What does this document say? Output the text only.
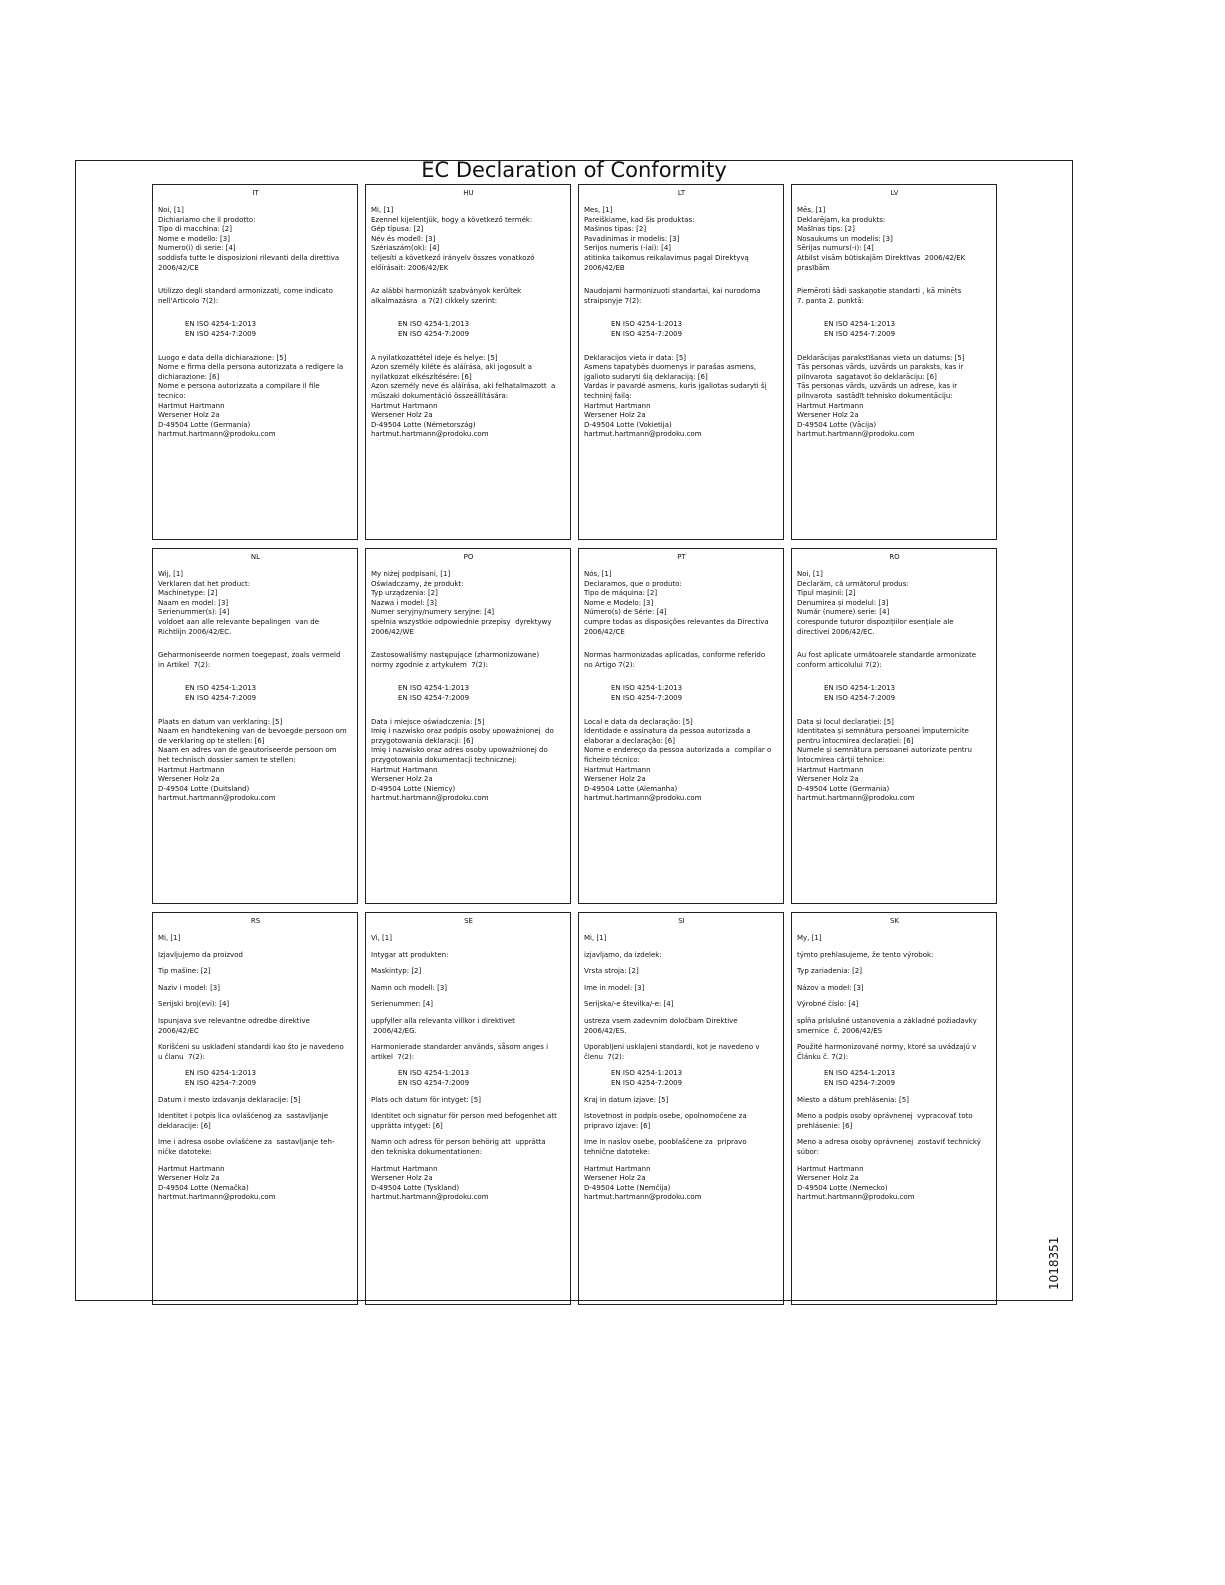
EC Declaration of Conformity
IT

Noi, [1]

Dichiariamo che il prodotto:

Tipo di macchina: [2]

Nome e modello: [3]

Numero(i) di serie: [4]

soddisfa tutte le disposizioni rilevanti della direttiva

2006/42/CE

Utilizzo degli standard armonizzati, come indicato

nell'Articolo 7(2):

EN ISO 4254-1:2013

EN ISO 4254-7:2009

Luogo e data della dichiarazione: [5]

Nome e firma della persona autorizzata a redigere la

dichiarazione: [6]

Nome e persona autorizzata a compilare il file

tecnico:

Hartmut Hartmann

Wersener Holz 2a

D-49504 Lotte (Germania)

hartmut.hartmann@prodoku.com

HU

Mi, [1]

Ezennel kijelentjük, hogy a következő termék:

Gép típusa: [2]

Név és modell: [3]

Szériaszám(ok): [4]

teljesíti a következő irányelv összes vonatkozó

előírásait: 2006/42/EK

Az alábbi harmonizált szabványok kerültek

alkalmazásra  a 7(2) cikkely szerint:

EN ISO 4254-1:2013

EN ISO 4254-7:2009

A nyilatkozattétel ideje és helye: [5]

Azon személy kiléte és aláírása, aki jogosult a

nyilatkozat elkészítésére: [6]

Azon személy neve és aláírása, aki felhatalmazott  a

műszaki dokumentáció összeállítására:

Hartmut Hartmann

Wersener Holz 2a

D-49504 Lotte (Németország)

hartmut.hartmann@prodoku.com

LT

Mes, [1]

Pareiškiame, kad šis produktas:

Mašinos tipas: [2]

Pavadinimas ir modelis: [3]

Serijos numeris (-iai): [4]

atitinka taikomus reikalavimus pagal Direktyvą

2006/42/EB

Naudojami harmonizuoti standartai, kai nurodoma

straipsnyje 7(2):

EN ISO 4254-1:2013

EN ISO 4254-7:2009

Deklaracijos vieta ir data: [5]

Asmens tapatybės duomenys ir parašas asmens,

įgalioto sudaryti šią deklaraciją: [6]

Vardas ir pavardė asmens, kuris įgaliotas sudaryti šį

techninį failą:

Hartmut Hartmann

Wersener Holz 2a

D-49504 Lotte (Vokietija)

hartmut.hartmann@prodoku.com

LV

Mēs, [1]

Deklarējam, ka produkts:

Mašīnas tips: [2]

Nosaukums un modelis: [3]

Sērijas numurs(-i): [4]

Atbilst visām būtiskajām Direktīvas  2006/42/EK

prasībām

Piemēroti šādi saskaņotie standarti , kā minēts

7. panta 2. punktā:

EN ISO 4254-1:2013

EN ISO 4254-7:2009

Deklarācijas parakstīšanas vieta un datums: [5]

Tās personas vārds, uzvārds un paraksts, kas ir

pilnvarota  sagatavot šo deklarāciju: [6]

Tās personas vārds, uzvārds un adrese, kas ir

pilnvarota  sastādīt tehnisko dokumentāciju:

Hartmut Hartmann

Wersener Holz 2a

D-49504 Lotte (Vācija)

hartmut.hartmann@prodoku.com

NL

Wij, [1]

Verklaren dat het product:

Machinetype: [2]

Naam en model: [3]

Serienummer(s): [4]

voldoet aan alle relevante bepalingen  van de

Richtlijn 2006/42/EC.

Geharmoniseerde normen toegepast, zoals vermeld

in Artikel  7(2):

EN ISO 4254-1:2013

EN ISO 4254-7:2009

Plaats en datum van verklaring: [5]

Naam en handtekening van de bevoegde persoon om

de verklaring op te stellen: [6]

Naam en adres van de geautoriseerde persoon om

het technisch dossier samen te stellen:

Hartmut Hartmann

Wersener Holz 2a

D-49504 Lotte (Duitsland)

hartmut.hartmann@prodoku.com

PO

My niżej podpisani, [1]

Oświadczamy, że produkt:

Typ urządzenia: [2]

Nazwa i model: [3]

Numer seryjny/numery seryjne: [4]

spełnia wszystkie odpowiednie przepisy  dyrektywy

2006/42/WE

Zastosowaliśmy następujące (zharmonizowane)

normy zgodnie z artykułem  7(2):

EN ISO 4254-1:2013

EN ISO 4254-7:2009

Data i miejsce oświadczenia: [5]

Imię i nazwisko oraz podpis osoby upoważnionej  do

przygotowania deklaracji: [6]

Imię i nazwisko oraz adres osoby upoważnionej do

przygotowania dokumentacji technicznej:

Hartmut Hartmann

Wersener Holz 2a

D-49504 Lotte (Niemcy)

hartmut.hartmann@prodoku.com

PT

Nós, [1]

Declaramos, que o produto:

Tipo de máquina: [2]

Nome e Modelo: [3]

Número(s) de Série: [4]

cumpre todas as disposições relevantes da Directiva

2006/42/CE

Normas harmonizadas aplicadas, conforme referido

no Artigo 7(2):

EN ISO 4254-1:2013

EN ISO 4254-7:2009

Local e data da declaração: [5]

Identidade e assinatura da pessoa autorizada a

elaborar a declaração: [6]

Nome e endereço da pessoa autorizada a  compilar o

ficheiro técnico:

Hartmut Hartmann

Wersener Holz 2a

D-49504 Lotte (Alemanha)

hartmut.hartmann@prodoku.com

RO

Noi, [1]

Declarăm, că următorul produs:

Tipul mașinii: [2]

Denumirea și modelul: [3]

Număr (numere) serie: [4]

corespunde tuturor dispozițiilor esențiale ale

directivei 2006/42/EC.

Au fost aplicate următoarele standarde armonizate

conform articolului 7(2):

EN ISO 4254-1:2013

EN ISO 4254-7:2009

Data și locul declarației: [5]

Identitatea și semnătura persoanei împuternicite

pentru întocmirea declarației: [6]

Numele și semnătura persoanei autorizate pentru

întocmirea cărții tehnice:

Hartmut Hartmann

Wersener Holz 2a

D-49504 Lotte (Germania)

hartmut.hartmann@prodoku.com

RS

Mi, [1]

Izjavljujemo da proizvod

Tip mašine: [2]

Naziv i model: [3]

Serijski broj(evi): [4]

Ispunjava sve relevantne odredbe direktive

2006/42/EC

Korišćeni su usklađeni standardi kao što je navedeno

u članu  7(2):

EN ISO 4254-1:2013

EN ISO 4254-7:2009

Datum i mesto izdavanja deklaracije: [5]

Identitet i potpis lica ovlašćenog za  sastavljanje

deklaracije: [6]

Ime i adresa osobe ovlašćene za  sastavljanje teh-

ničke datoteke:

Hartmut Hartmann

Wersener Holz 2a

D-49504 Lotte (Nemačka)

hartmut.hartmann@prodoku.com

SE

Vi, [1]

Intygar att produkten:

Maskintyp: [2]

Namn och modell: [3]

Serienummer: [4]

uppfyller alla relevanta villkor i direktivet

2006/42/EG.

Harmonierade standarder används, såsom anges i

artikel  7(2):

EN ISO 4254-1:2013

EN ISO 4254-7:2009

Plats och datum för intyget: [5]

Identitet och signatur för person med befogenhet att

upprätta intyget: [6]

Namn och adress för person behörig att  upprätta

den tekniska dokumentationen:

Hartmut Hartmann

Wersener Holz 2a

D-49504 Lotte (Tyskland)

hartmut.hartmann@prodoku.com

SI

Mi, [1]

izjavljamo, da izdelek:

Vrsta stroja: [2]

Ime in model: [3]

Serijska/-e številka/-e: [4]

ustreza vsem zadevnim določbam Direktive

2006/42/ES.

Uporabljeni usklajeni standardi, kot je navedeno v

členu  7(2):

EN ISO 4254-1:2013

EN ISO 4254-7:2009

Kraj in datum izjave: [5]

Istovetnost in podpis osebe, opolnomočene za

pripravo izjave: [6]

Ime in naslov osebe, pooblaščene za  pripravo

tehnične datoteke:

Hartmut Hartmann

Wersener Holz 2a

D-49504 Lotte (Nemčija)

hartmut.hartmann@prodoku.com

SK

My, [1]

týmto prehlasujeme, že tento výrobok:

Typ zariadenia: [2]

Názov a model: [3]

Výrobné číslo: [4]

spĺňa príslušné ustanovenia a základné požiadavky

smernice  č. 2006/42/ES

Použité harmonizované normy, ktoré sa uvádzajú v

Článku č. 7(2):

EN ISO 4254-1:2013

EN ISO 4254-7:2009

Miesto a dátum prehlásenia: [5]

Meno a podpis osoby oprávnenej  vypracovať toto

prehlásenie: [6]

Meno a adresa osoby oprávnenej  zostaviť technický

súbor:

Hartmut Hartmann

Wersener Holz 2a

D-49504 Lotte (Nemecko)

hartmut.hartmann@prodoku.com

1018351
